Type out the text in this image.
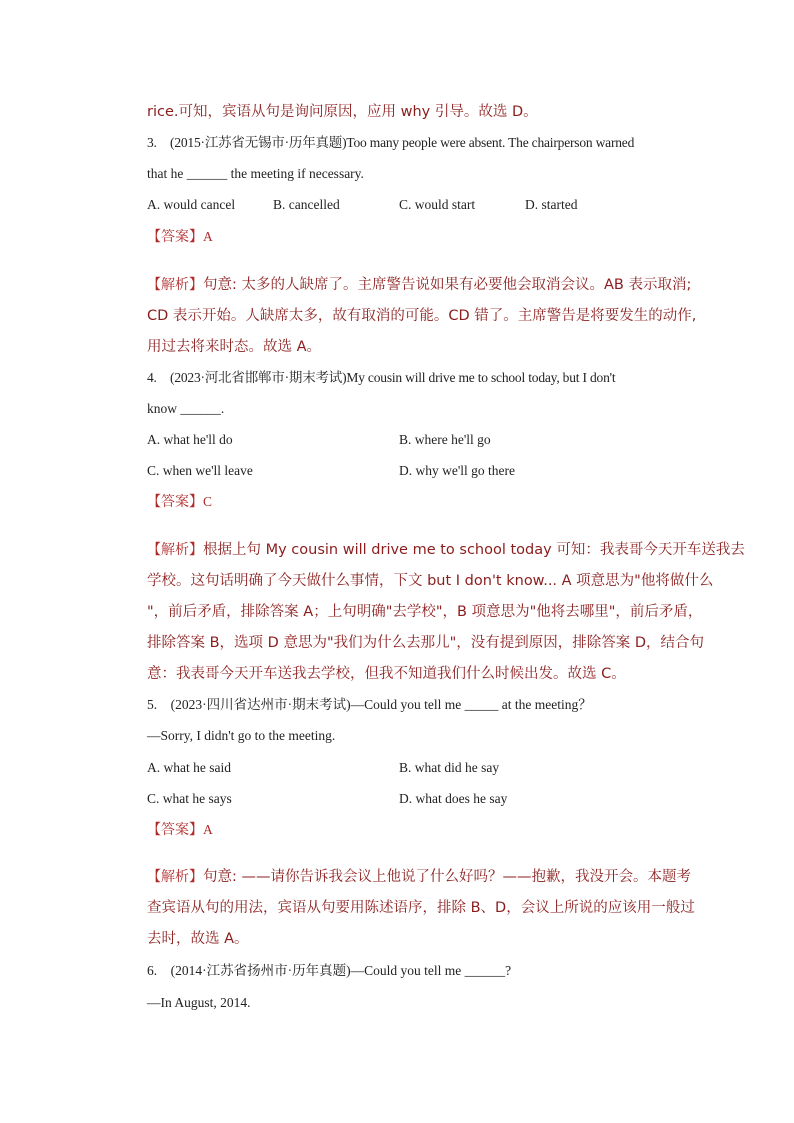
rice.可知，宾语从句是询问原因，应用 why 引导。故选 D。
3.　(2015·江苏省无锡市·历年真题)Too many people were absent. The chairperson warned
that he ______ the meeting if necessary.
A. would cancel	B. cancelled	C. would start	D. started
【答案】A
【解析】句意: 太多的人缺席了。主席警告说如果有必要他会取消会议。AB 表示取消;
CD 表示开始。人缺席太多，故有取消的可能。CD 错了。主席警告是将要发生的动作,
用过去将来时态。故选 A。
4.　(2023·河北省邯郸市·期末考试)My cousin will drive me to school today, but I don't
know ______.
A. what he'll do	B. where he'll go
C. when we'll leave	D. why we'll go there
【答案】C
【解析】根据上句 My cousin will drive me to school today 可知：我表哥今天开车送我去
学校。这句话明确了今天做什么事情，下文 but I don't know... A 项意思为"他将做什么
"，前后矛盾，排除答案 A；上句明确"去学校"，B 项意思为"他将去哪里"，前后矛盾，
排除答案 B，选项 D 意思为"我们为什么去那儿"，没有提到原因，排除答案 D，结合句
意：我表哥今天开车送我去学校，但我不知道我们什么时候出发。故选 C。
5.　(2023·四川省达州市·期末考试)—Could you tell me _____ at the meeting？
—Sorry, I didn't go to the meeting.
A. what he said	B. what did he say
C. what he says	D. what does he say
【答案】A
【解析】句意: ——请你告诉我会议上他说了什么好吗？——抱歉，我没开会。本题考
查宾语从句的用法，宾语从句要用陈述语序，排除 B、D，会议上所说的应该用一般过
去时，故选 A。
6.　(2014·江苏省扬州市·历年真题)—Could you tell me ______?
—In August, 2014.
